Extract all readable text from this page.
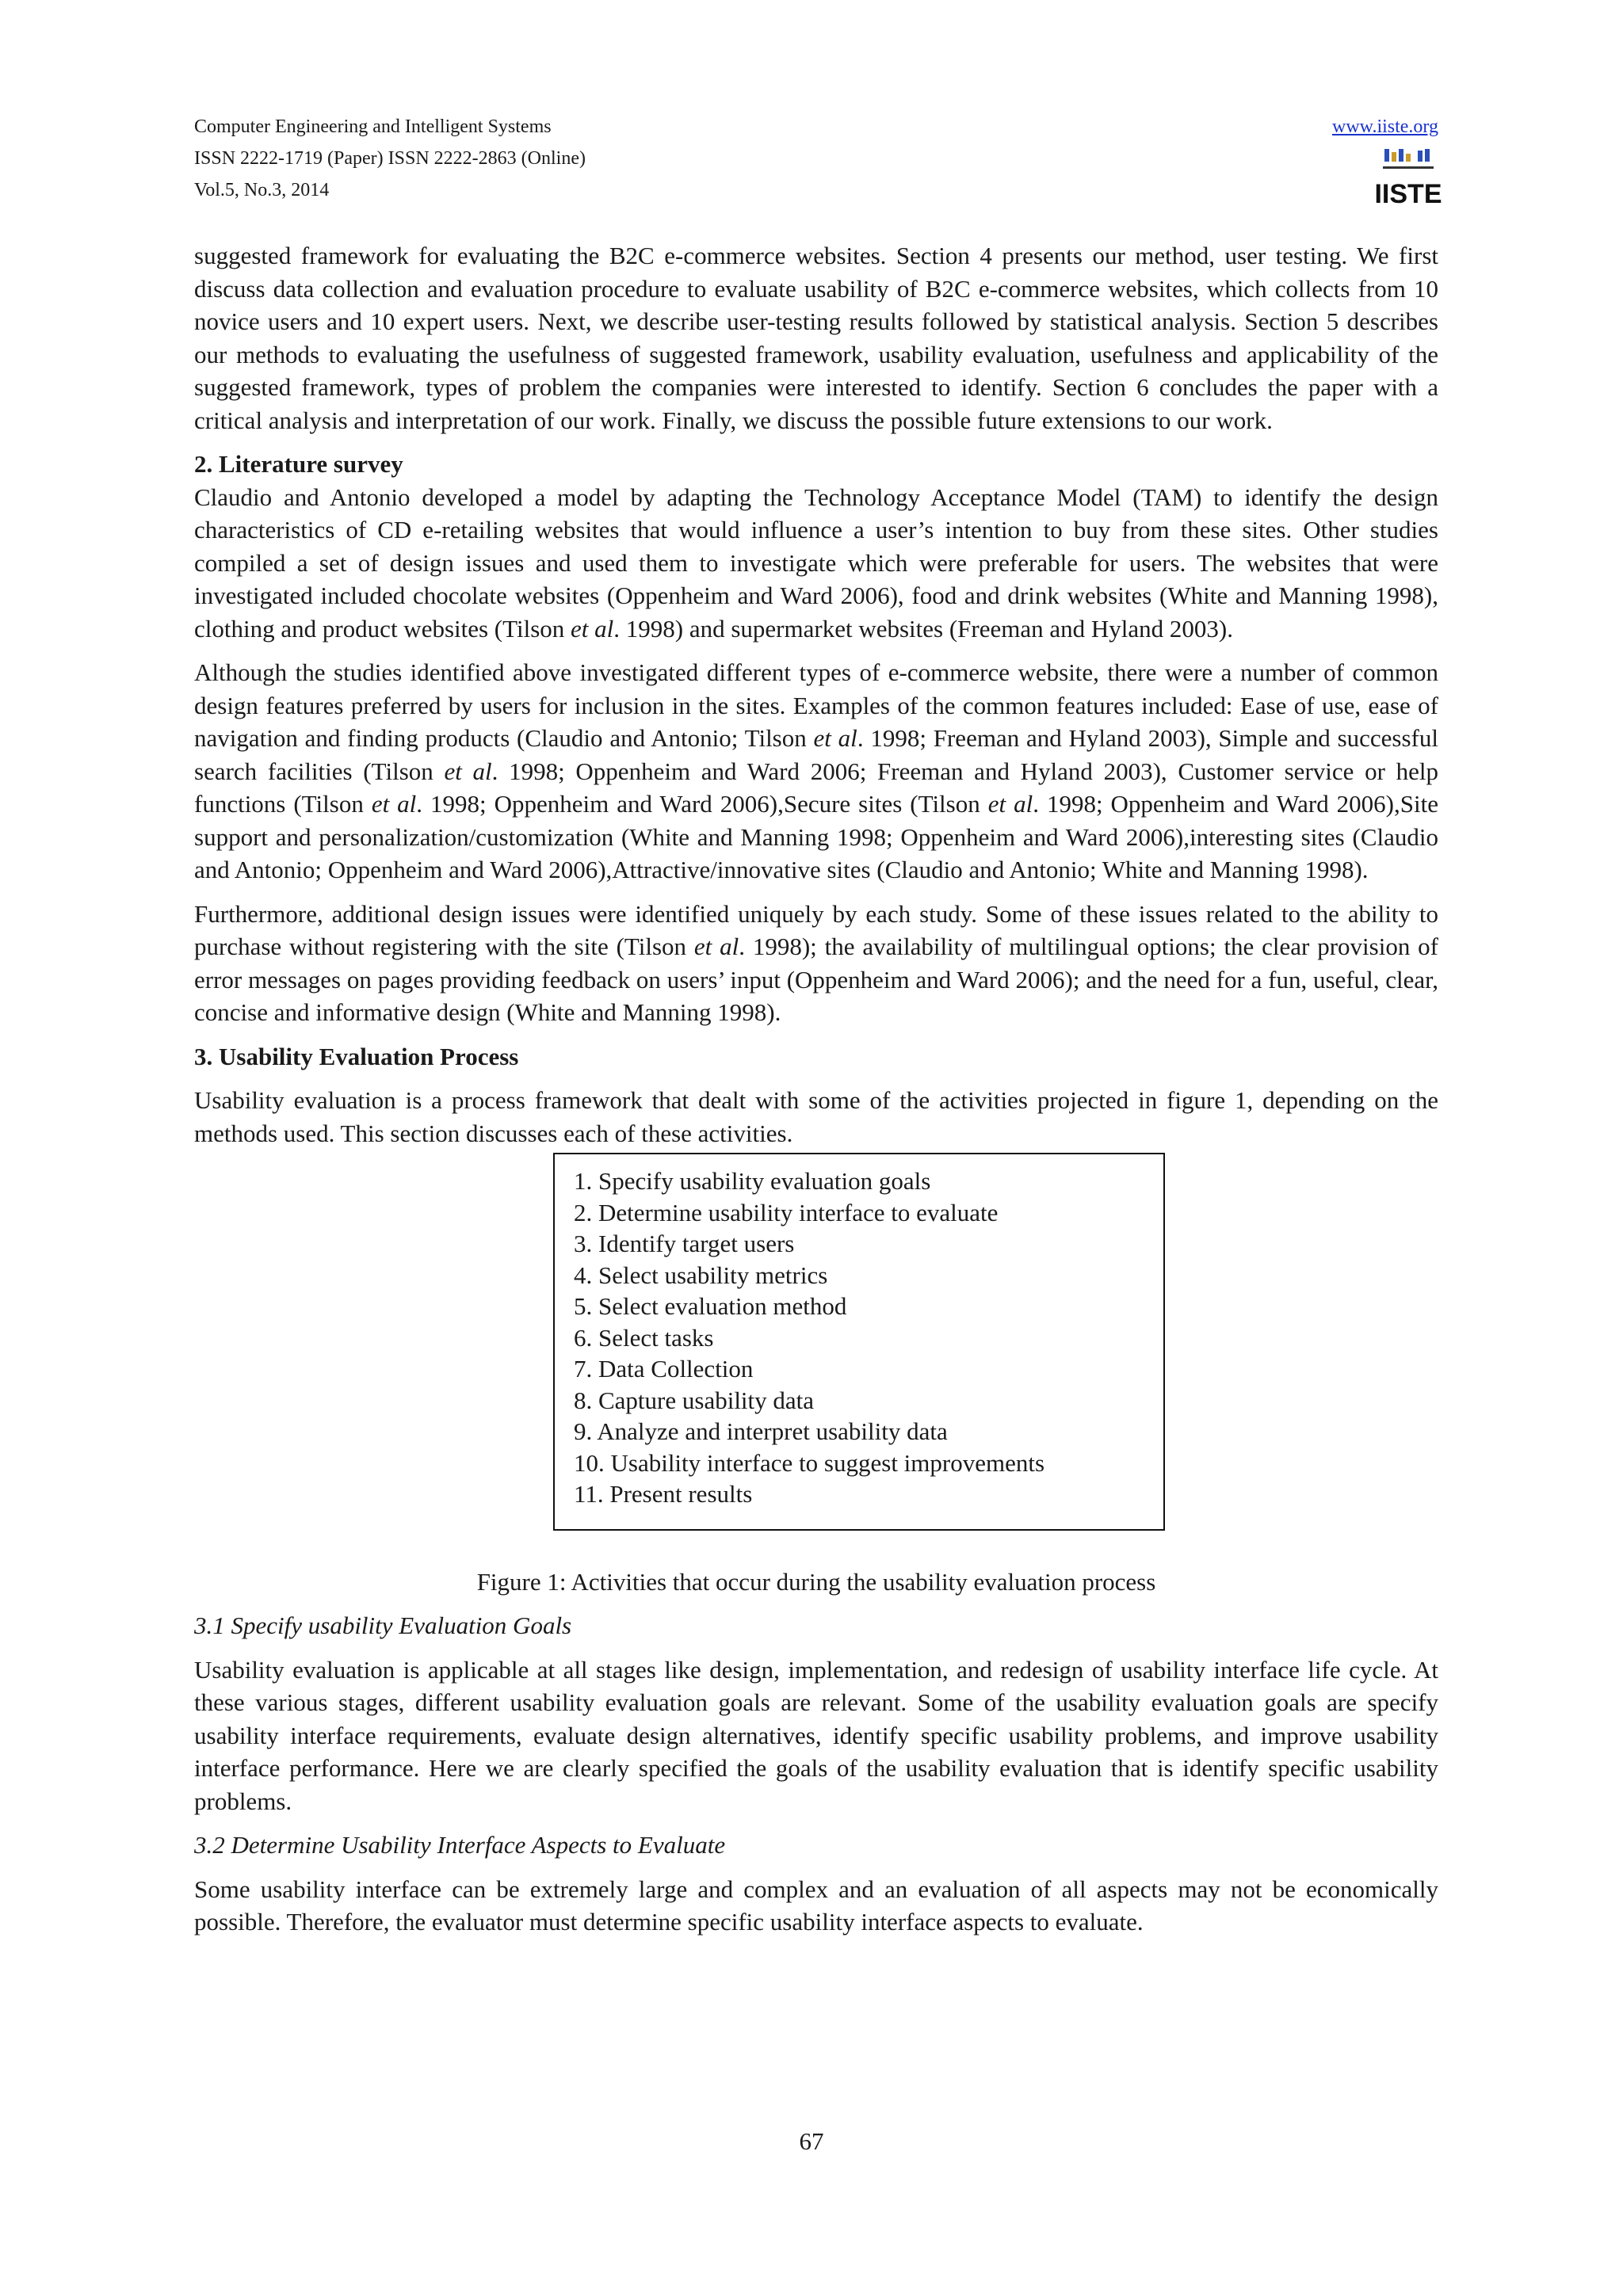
Computer Engineering and Intelligent Systems
ISSN 2222-1719 (Paper) ISSN 2222-2863 (Online)
Vol.5, No.3, 2014
www.iiste.org
IISTE

suggested framework for evaluating the B2C e-commerce websites. Section 4 presents our method, user testing. We first discuss data collection and evaluation procedure to evaluate usability of B2C e-commerce websites, which collects from 10 novice users and 10 expert users. Next, we describe user-testing results followed by statistical analysis. Section 5 describes our methods to evaluating the usefulness of suggested framework, usability evaluation, usefulness and applicability of the suggested framework, types of problem the companies were interested to identify. Section 6 concludes the paper with a critical analysis and interpretation of our work. Finally, we discuss the possible future extensions to our work.

2. Literature survey

Claudio and Antonio developed a model by adapting the Technology Acceptance Model (TAM) to identify the design characteristics of CD e-retailing websites that would influence a user’s intention to buy from these sites. Other studies compiled a set of design issues and used them to investigate which were preferable for users. The websites that were investigated included chocolate websites (Oppenheim and Ward 2006), food and drink websites (White and Manning 1998), clothing and product websites (Tilson et al. 1998) and supermarket websites (Freeman and Hyland 2003).

Although the studies identified above investigated different types of e-commerce website, there were a number of common design features preferred by users for inclusion in the sites. Examples of the common features included: Ease of use, ease of navigation and finding products (Claudio and Antonio; Tilson et al. 1998; Freeman and Hyland 2003), Simple and successful search facilities (Tilson et al. 1998; Oppenheim and Ward 2006; Freeman and Hyland 2003), Customer service or help functions (Tilson et al. 1998; Oppenheim and Ward 2006),Secure sites (Tilson et al. 1998; Oppenheim and Ward 2006),Site support and personalization/customization (White and Manning 1998; Oppenheim and Ward 2006),interesting sites (Claudio and Antonio; Oppenheim and Ward 2006),Attractive/innovative sites (Claudio and Antonio; White and Manning 1998).

Furthermore, additional design issues were identified uniquely by each study. Some of these issues related to the ability to purchase without registering with the site (Tilson et al. 1998); the availability of multilingual options; the clear provision of error messages on pages providing feedback on users’ input (Oppenheim and Ward 2006); and the need for a fun, useful, clear, concise and informative design (White and Manning 1998).

3. Usability Evaluation Process

Usability evaluation is a process framework that dealt with some of the activities projected in figure 1, depending on the methods used. This section discusses each of these activities.

1. Specify usability evaluation goals
2. Determine usability interface to evaluate
3. Identify target users
4. Select usability metrics
5. Select evaluation method
6. Select tasks
7. Data Collection
8. Capture usability data
9. Analyze and interpret usability data
10. Usability interface to suggest improvements
11. Present results

Figure 1: Activities that occur during the usability evaluation process

3.1 Specify usability Evaluation Goals

Usability evaluation is applicable at all stages like design, implementation, and redesign of usability interface life cycle. At these various stages, different usability evaluation goals are relevant. Some of the usability evaluation goals are specify usability interface requirements, evaluate design alternatives, identify specific usability problems, and improve usability interface performance. Here we are clearly specified the goals of the usability evaluation that is identify specific usability problems.

3.2 Determine Usability Interface Aspects to Evaluate

Some usability interface can be extremely large and complex and an evaluation of all aspects may not be economically possible. Therefore, the evaluator must determine specific usability interface aspects to evaluate.

67
